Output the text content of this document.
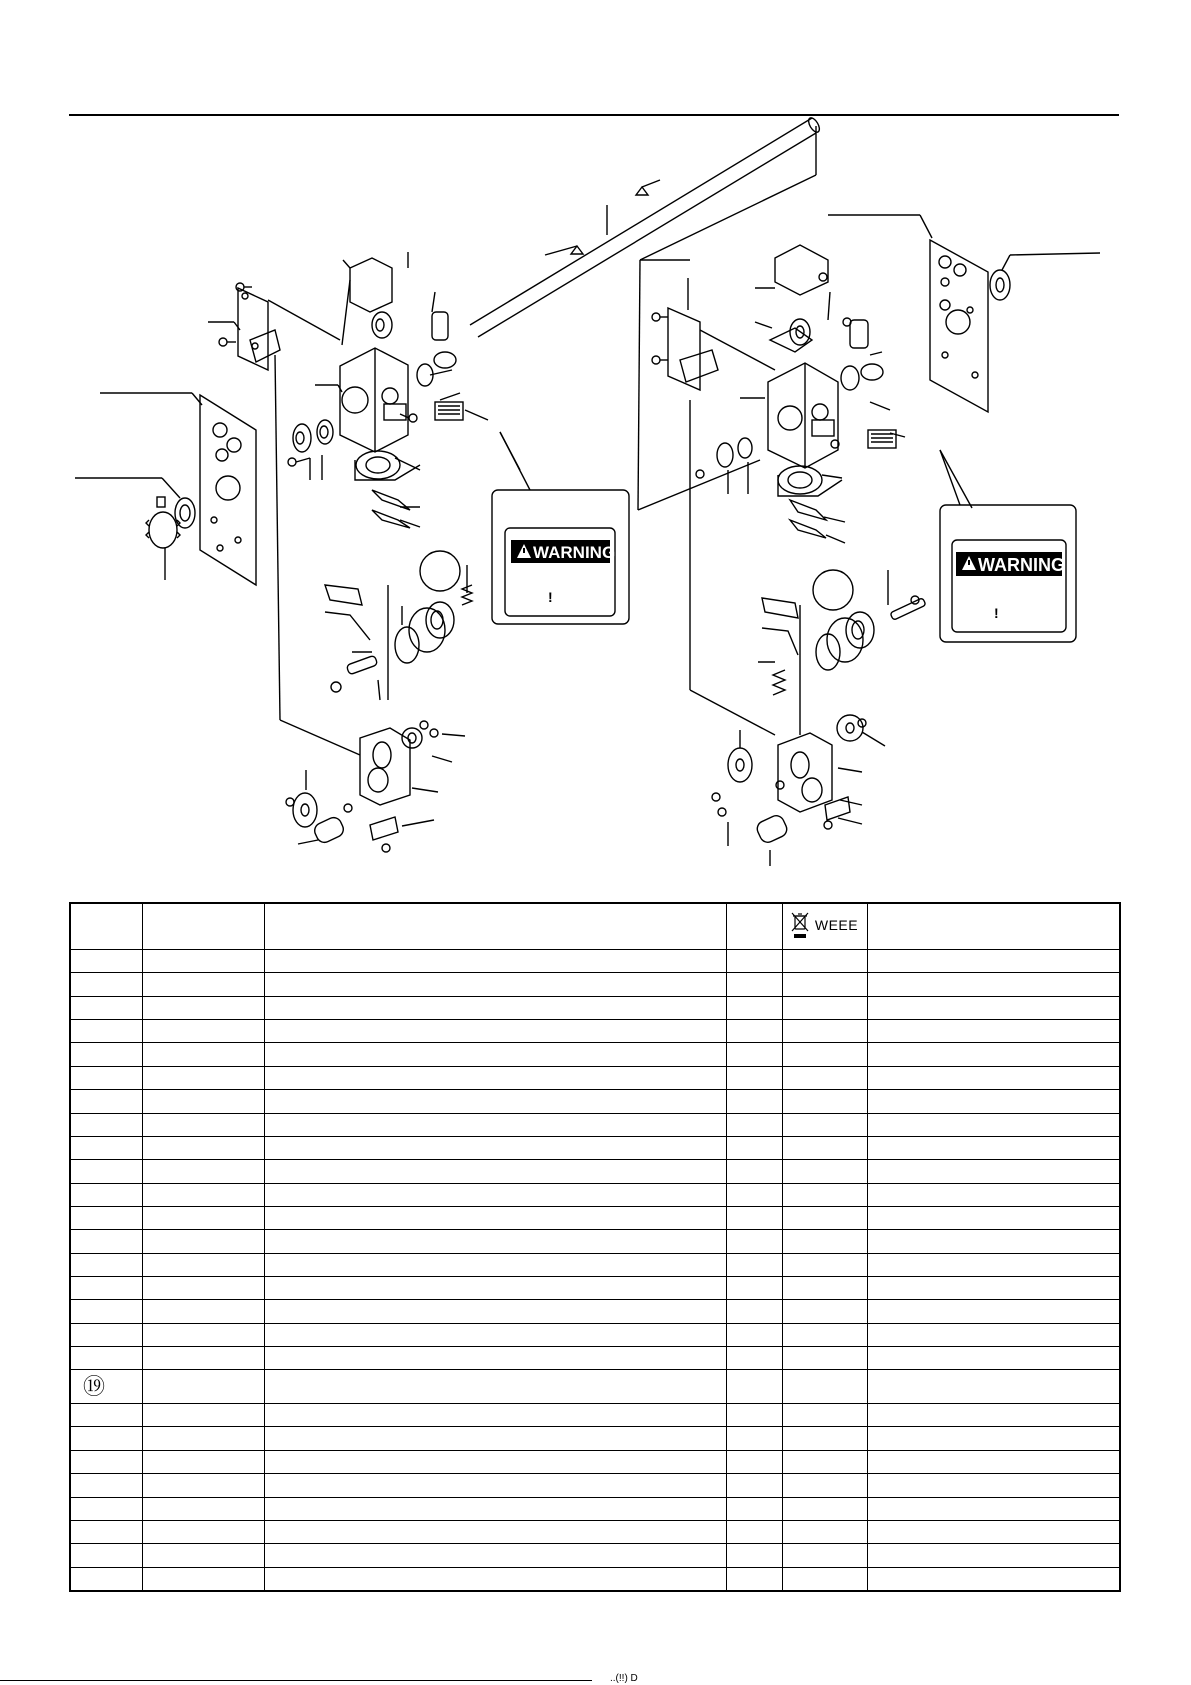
WARNING
!
WARNING
!

				WEEE	

⑲					

..(!!) D
